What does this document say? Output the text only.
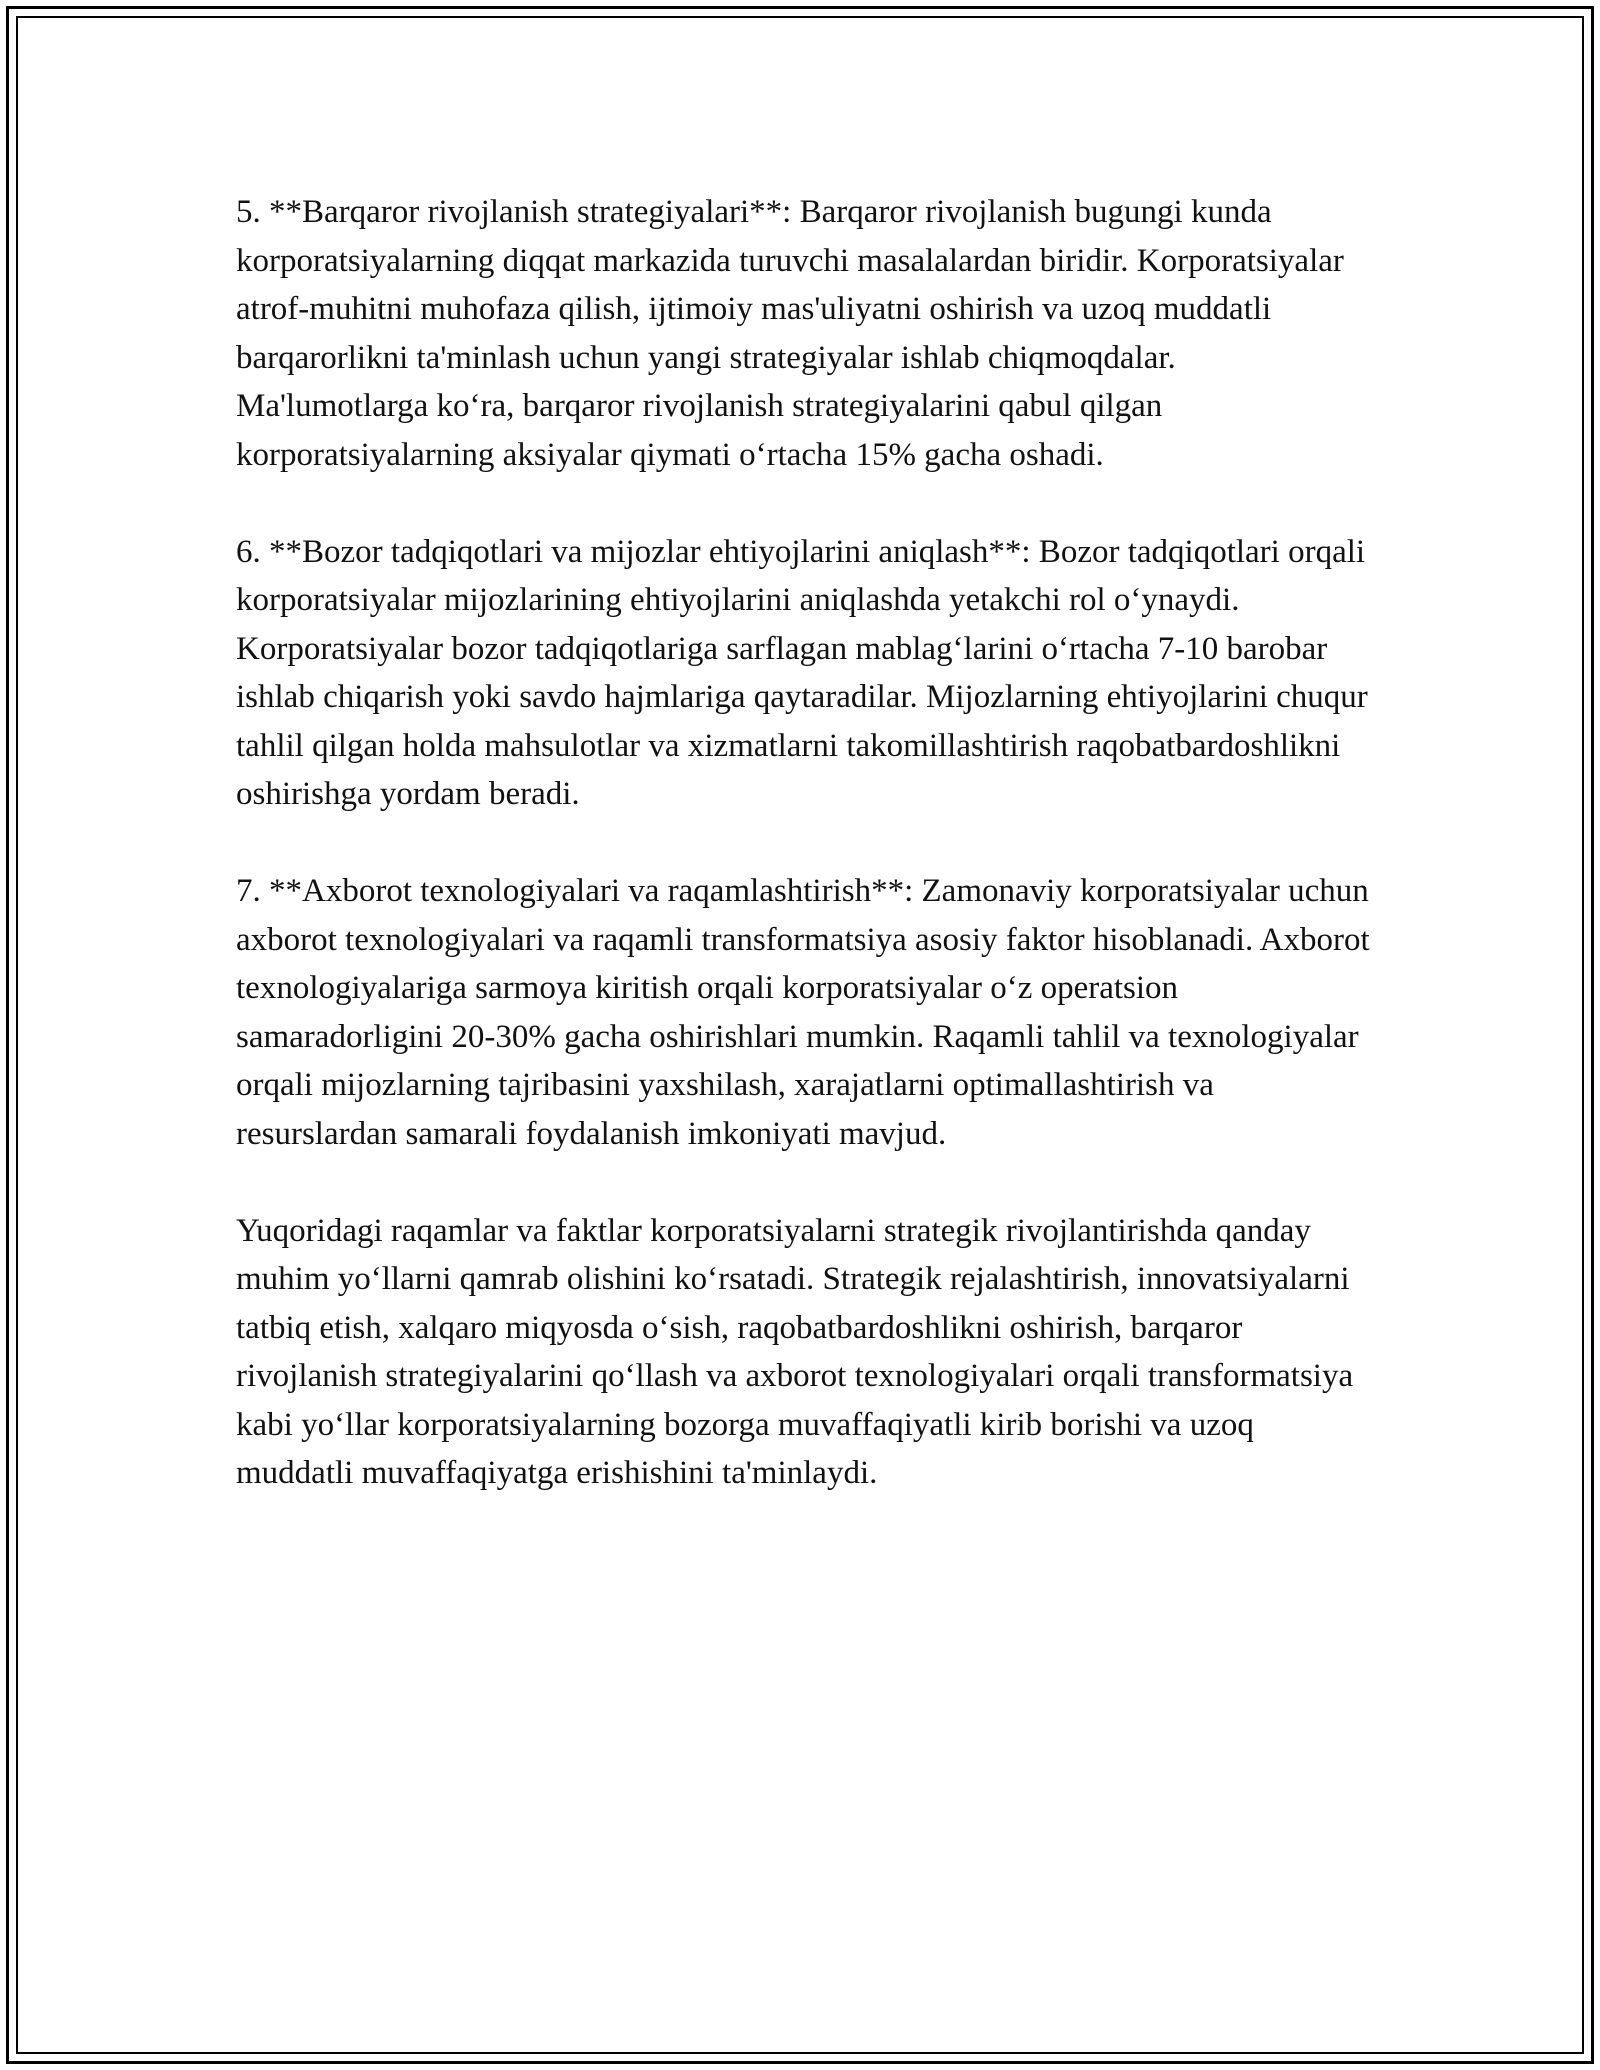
5. **Barqaror rivojlanish strategiyalari**: Barqaror rivojlanish bugungi kunda korporatsiyalarning diqqat markazida turuvchi masalalardan biridir. Korporatsiyalar atrof-muhitni muhofaza qilish, ijtimoiy mas'uliyatni oshirish va uzoq muddatli barqarorlikni ta'minlash uchun yangi strategiyalar ishlab chiqmoqdalar. Ma'lumotlarga ko‘ra, barqaror rivojlanish strategiyalarini qabul qilgan korporatsiyalarning aksiyalar qiymati o‘rtacha 15% gacha oshadi.

6. **Bozor tadqiqotlari va mijozlar ehtiyojlarini aniqlash**: Bozor tadqiqotlari orqali korporatsiyalar mijozlarining ehtiyojlarini aniqlashda yetakchi rol o‘ynaydi. Korporatsiyalar bozor tadqiqotlariga sarflagan mablag‘larini o‘rtacha 7-10 barobar ishlab chiqarish yoki savdo hajmlariga qaytaradilar. Mijozlarning ehtiyojlarini chuqur tahlil qilgan holda mahsulotlar va xizmatlarni takomillashtirish raqobatbardoshlikni oshirishga yordam beradi.

7. **Axborot texnologiyalari va raqamlashtirish**: Zamonaviy korporatsiyalar uchun axborot texnologiyalari va raqamli transformatsiya asosiy faktor hisoblanadi. Axborot texnologiyalariga sarmoya kiritish orqali korporatsiyalar o‘z operatsion samaradorligini 20-30% gacha oshirishlari mumkin. Raqamli tahlil va texnologiyalar orqali mijozlarning tajribasini yaxshilash, xarajatlarni optimallashtirish va resurslardan samarali foydalanish imkoniyati mavjud.

Yuqoridagi raqamlar va faktlar korporatsiyalarni strategik rivojlantirishda qanday muhim yo‘llarni qamrab olishini ko‘rsatadi. Strategik rejalashtirish, innovatsiyalarni tatbiq etish, xalqaro miqyosda o‘sish, raqobatbardoshlikni oshirish, barqaror rivojlanish strategiyalarini qo‘llash va axborot texnologiyalari orqali transformatsiya kabi yo‘llar korporatsiyalarning bozorga muvaffaqiyatli kirib borishi va uzoq muddatli muvaffaqiyatga erishishini ta'minlaydi.
